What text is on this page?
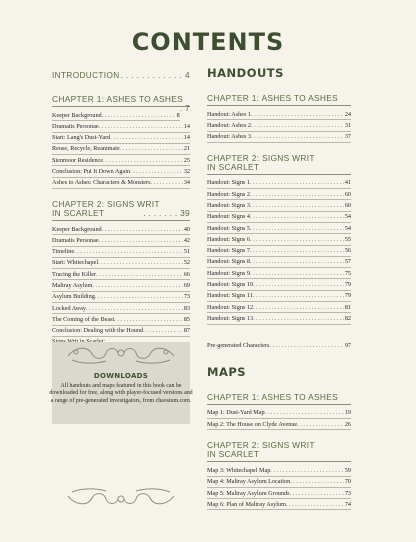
CONTENTS
INTRODUCTION . . .	4
CHAPTER 1: ASHES TO ASHES
. 7
Keeper Background . . .	8
Dramatis Personae . . .	14
Start: Lang's Dust-Yard . . .	14
Reuse, Recycle, Reanimate . . .	21
Stenmoor Residence . . .	25
Conclusion: Put It Down Again . . .	32
Ashes to Ashes: Characters & Monsters . . .	34
CHAPTER 2: SIGNS WRIT
IN SCARLET	. . . . . . . 39
Keeper Background . . .	40
Dramatis Personae . . .	42
Timeline . . .	51
Start: Whitechapel . . .	52
Tracing the Killer . . .	66
Maltray Asylum . . .	69
Asylum Building . . .	73
Locked Away . . .	83
The Coming of the Beast . . .	85
Conclusion: Dealing with the Hound . . .	87
DOWNLOADS
All handouts and maps featured in this book can be downloaded for free, along with player-focused versions and a range of pre-generated investigators, from chaosium.com.
HANDOUTS
CHAPTER 1: ASHES TO ASHES
Handout: Ashes 1 . . .	24
Handout: Ashes 2 . . .	31
Handout: Ashes 3 . . .	37
CHAPTER 2: SIGNS WRIT
IN SCARLET
Handout: Signs 1 . . .	41
Handout: Signs 2 . . .	60
Handout: Signs 3 . . .	60
Handout: Signs 4 . . .	54
Handout: Signs 5 . . .	54
Handout: Signs 6 . . .	55
Handout: Signs 7 . . .	56
Handout: Signs 8 . . .	57
Handout: Signs 9 . . .	75
Handout: Signs 10 . . .	79
Handout: Signs 11 . . .	79
Handout: Signs 12 . . .	81
Handout: Signs 13 . . .	82
Pre-generated Characters . . .	97
MAPS
CHAPTER 1: ASHES TO ASHES
Map 1: Dust-Yard Map . . .	19
Map 2: The House on Clyde Avenue . . .	26
CHAPTER 2: SIGNS WRIT
IN SCARLET
Map 3: Whitechapel Map . . .	59
Map 4: Maltray Asylum Location . . .	70
Map 5: Maltray Asylum Grounds . . .	73
Map 6: Plan of Maltray Asylum . . .	74
